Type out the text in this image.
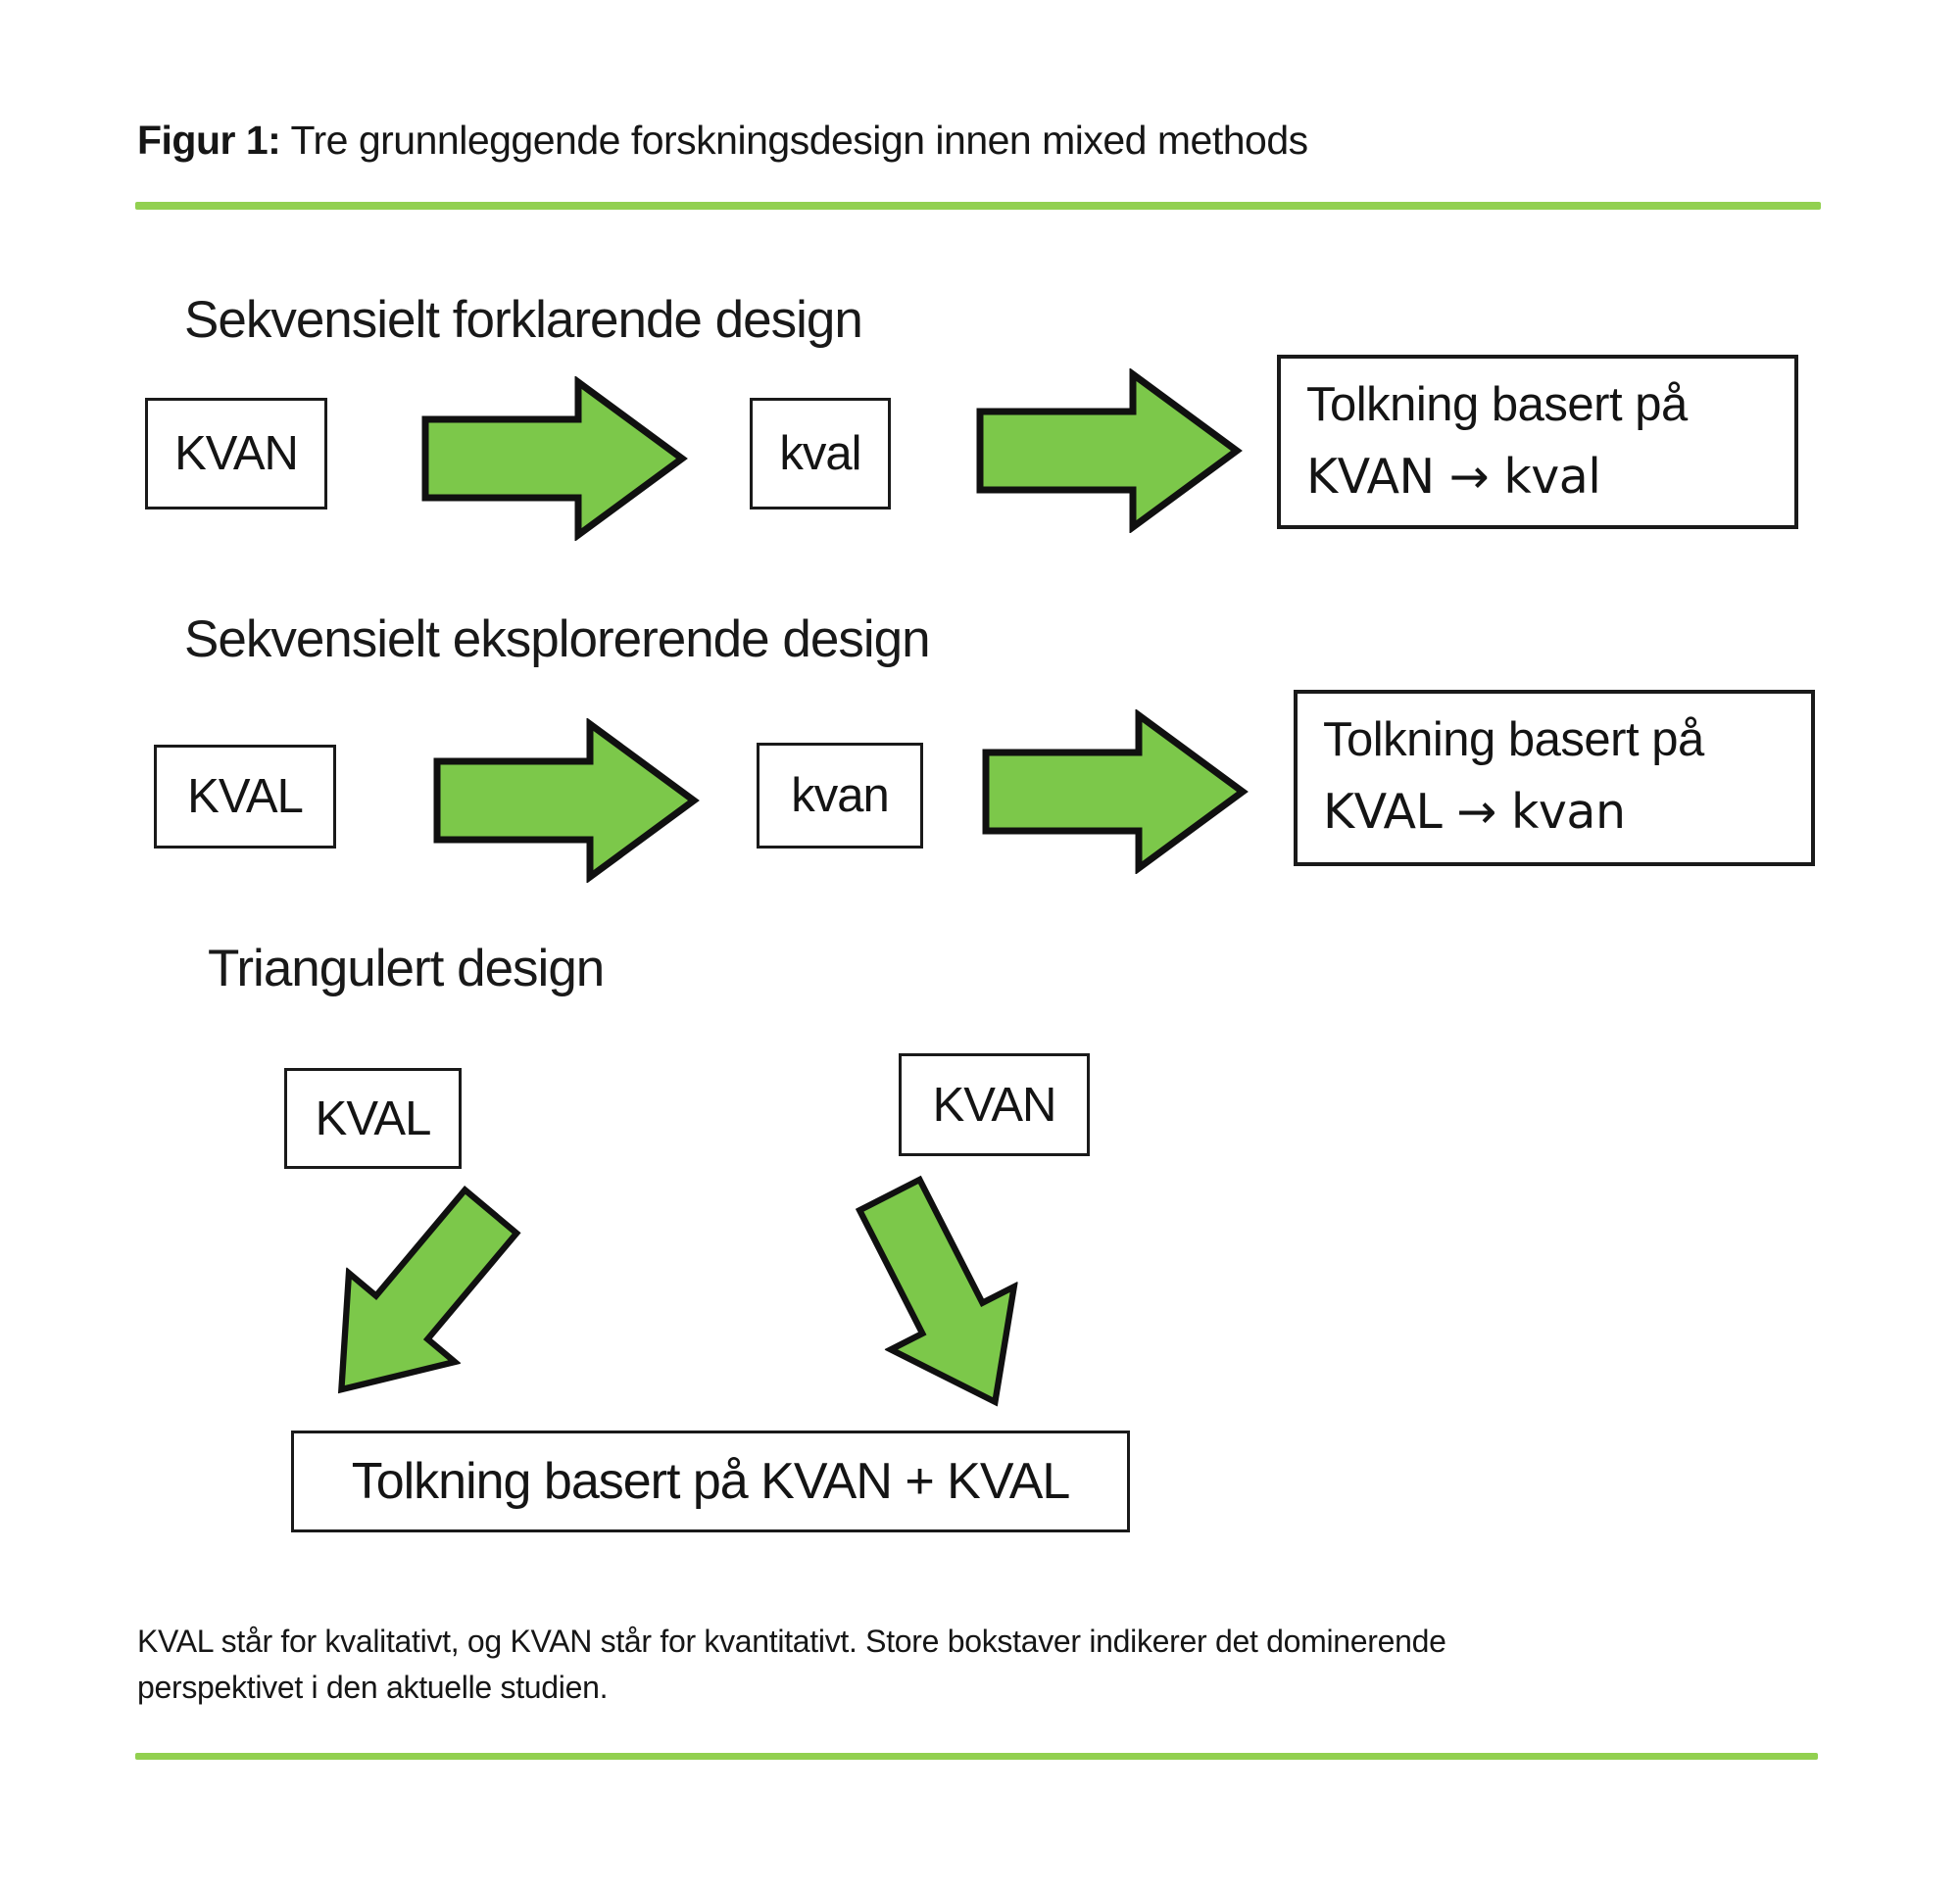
Figur 1: Tre grunnleggende forskningsdesign innen mixed methods
Sekvensielt forklarende design
KVAN	kval
Tolkning basert på
KVAN → kval
Sekvensielt eksplorerende design
KVAL	kvan
Tolkning basert på
KVAL → kvan
Triangulert design
KVAL	KVAN
Tolkning basert på KVAN + KVAL
KVAL står for kvalitativt, og KVAN står for kvantitativt. Store bokstaver indikerer det dominerende
perspektivet i den aktuelle studien.
